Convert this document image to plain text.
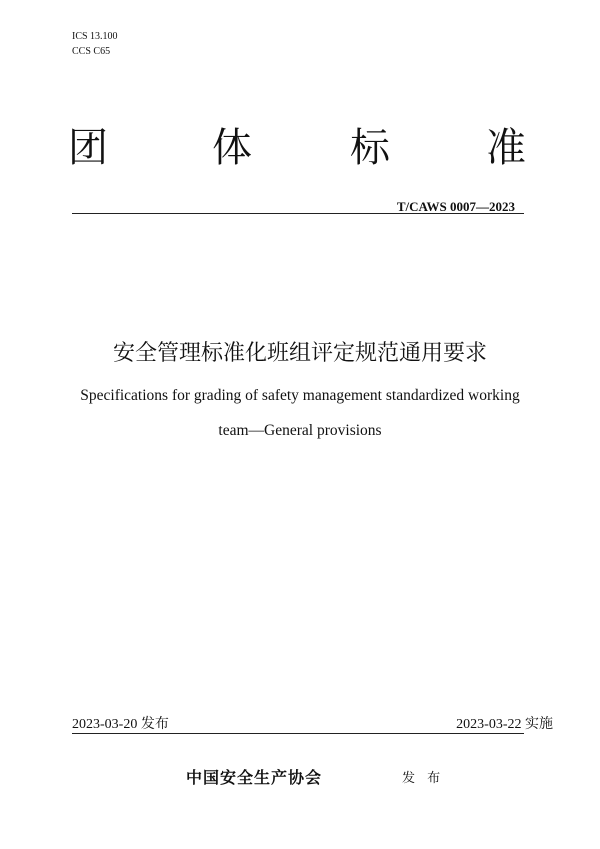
ICS 13.100
CCS C65
团	体 标 准
T/CAWS 0007—2023
安全管理标准化班组评定规范通用要求
Specifications for grading of safety management standardized working
team—General provisions
2023-03-20 发布	2023-03-22 实施
中国安全生产协会	发 布
